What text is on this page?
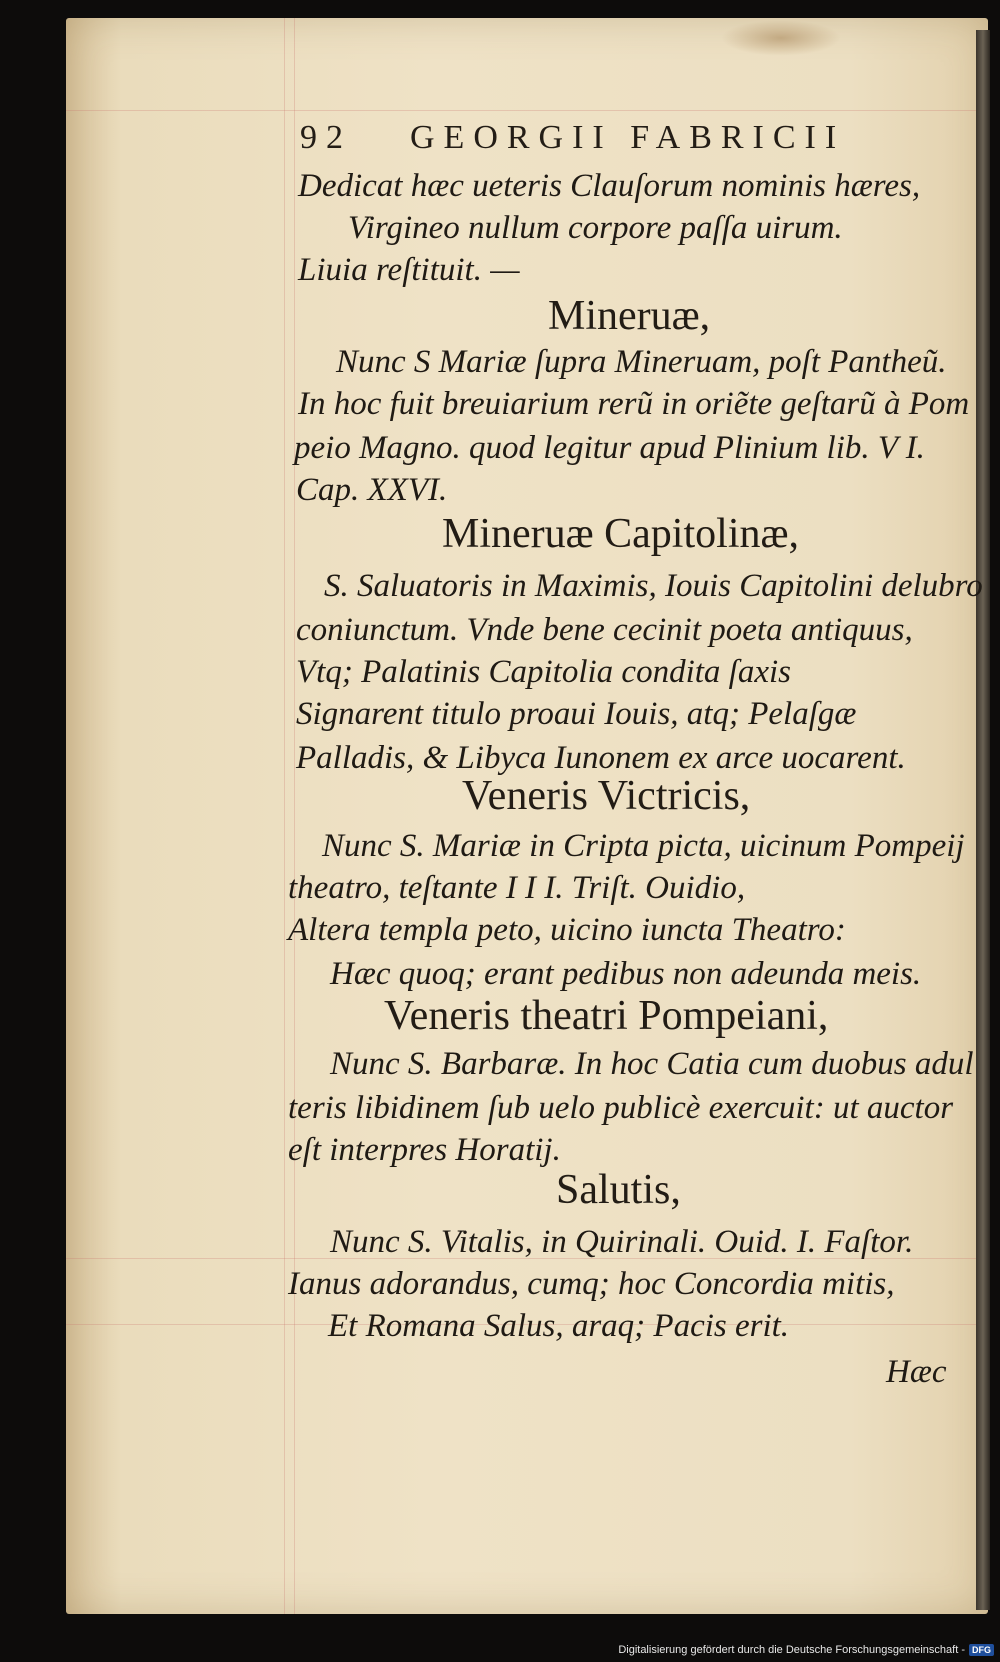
92 GEORGII FABRICII
Dedicat hæc ueteris Clauſorum nominis hæres,
Virgineo nullum corpore paſſa uirum.
Liuia reſtituit. —
Mineruæ,
Nunc S Mariæ ſupra Mineruam, poſt Pantheũ.
In hoc fuit breuiarium rerũ in oriẽte geſtarũ à Pom
peio Magno. quod legitur apud Plinium lib. V I.
Cap. XXVI.
Mineruæ Capitolinæ,
S. Saluatoris in Maximis, Iouis Capitolini delubro
coniunctum. Vnde bene cecinit poeta antiquus,
Vtq; Palatinis Capitolia condita ſaxis
Signarent titulo proaui Iouis, atq; Pelaſgæ
Palladis, & Libyca Iunonem ex arce uocarent.
Veneris Victricis,
Nunc S. Mariæ in Cripta picta, uicinum Pompeij
theatro, teſtante I I I. Triſt. Ouidio,
Altera templa peto, uicino iuncta Theatro:
Hæc quoq; erant pedibus non adeunda meis.
Veneris theatri Pompeiani,
Nunc S. Barbaræ. In hoc Catia cum duobus adul
teris libidinem ſub uelo publicè exercuit: ut auctor
eſt interpres Horatij.
Salutis,
Nunc S. Vitalis, in Quirinali. Ouid. I. Faſtor.
Ianus adorandus, cumq; hoc Concordia mitis,
Et Romana Salus, araq; Pacis erit.
Hæc
Digitalisierung gefördert durch die Deutsche Forschungsgemeinschaft - DFG
